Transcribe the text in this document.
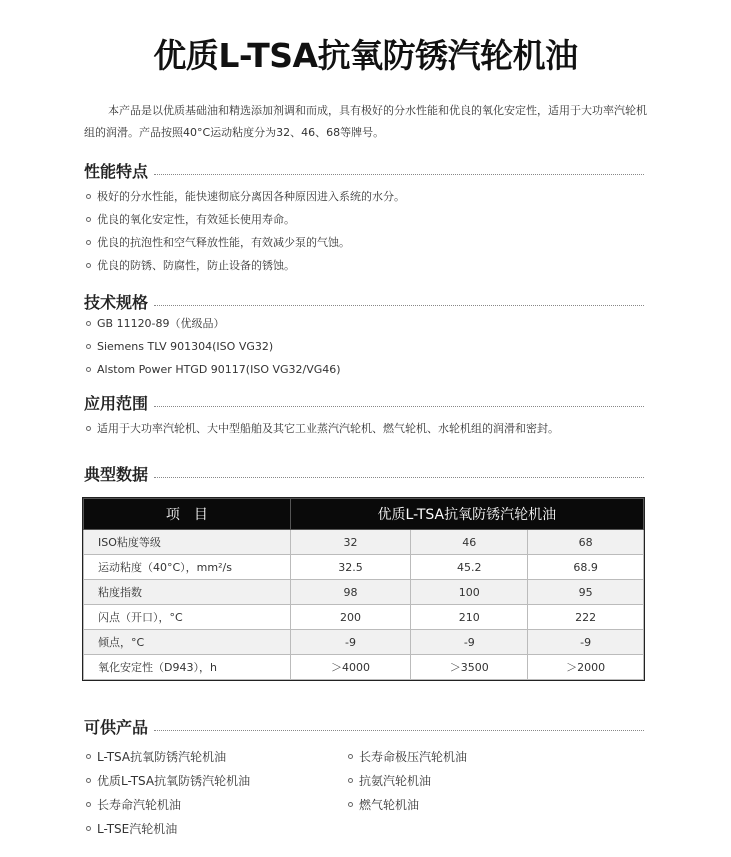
优质L-TSA抗氧防锈汽轮机油

本产品是以优质基础油和精选添加剂调和而成，具有极好的分水性能和优良的氧化安定性，适用于大功率汽轮机组的润滑。产品按照40°C运动粘度分为32、46、68等牌号。

性能特点
极好的分水性能，能快速彻底分离因各种原因进入系统的水分。
优良的氧化安定性，有效延长使用寿命。
优良的抗泡性和空气释放性能，有效减少泵的气蚀。
优良的防锈、防腐性，防止设备的锈蚀。
技术规格
GB 11120-89（优级品）
Siemens TLV 901304(ISO VG32)
Alstom Power HTGD 90117(ISO VG32/VG46)
应用范围
适用于大功率汽轮机、大中型船舶及其它工业蒸汽汽轮机、燃气轮机、水轮机组的润滑和密封。
典型数据
项　目	优质L-TSA抗氧防锈汽轮机油		
ISO粘度等级	32	46	68
运动粘度（40°C），mm²/s	32.5	45.2	68.9
粘度指数	98	100	95
闪点（开口），°C	200	210	222
倾点，°C	-9	-9	-9
氧化安定性（D943），h	＞4000	＞3500	＞2000
可供产品
L-TSA抗氧防锈汽轮机油
优质L-TSA抗氧防锈汽轮机油
长寿命汽轮机油
L-TSE汽轮机油
长寿命极压汽轮机油
抗氨汽轮机油
燃气轮机油
